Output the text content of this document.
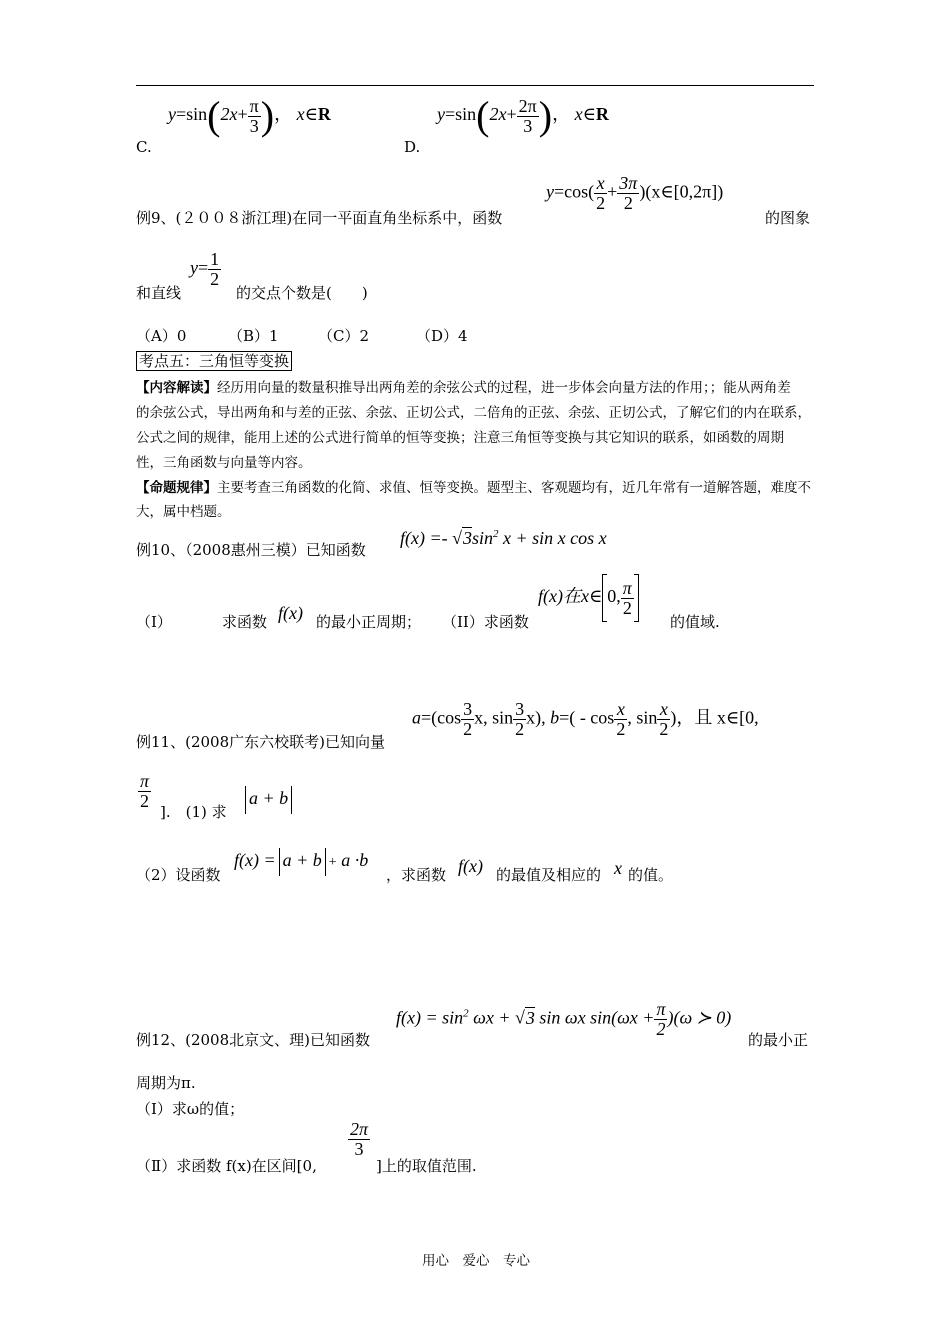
C.
$y=\sin(2x+ \frac{\pi}{3}$ )， x∈R
D.
$y=\sin(2x+ \frac{2\pi}{3}$ )， x∈R
例9、(２００８浙江理)在同一平面直角坐标系中，函数
$y=\cos( \frac{x}{2} + \frac{3\pi}{2}$ )(x∈[0,2π])
的图象
和直线
$y= \frac{1}{2}$
的交点个数是(　　)
（A）0	（B）1	（C）2	（D）4
考点五：三角恒等变换
【内容解读】经历用向量的数量积推导出两角差的余弦公式的过程，进一步体会向量方法的作用；；能从两角差
的余弦公式，导出两角和与差的正弦、余弦、正切公式，二倍角的正弦、余弦、正切公式，了解它们的内在联系，
公式之间的规律，能用上述的公式进行简单的恒等变换；注意三角恒等变换与其它知识的联系，如函数的周期
性，三角函数与向量等内容。
【命题规律】主要考查三角函数的化简、求值、恒等变换。题型主、客观题均有，近几年常有一道解答题，难度不
大，属中档题。
例10、（2008惠州三模）已知函数
$f(x) =- √3\sin^2$ x + sin x cos x
（I）	求函数 f(x) 的最小正周期； （II）求函数
f(x)在x∈ 0, $\frac{\pi}{2}$
的值域.
例11、(2008广东六校联考)已知向量
$a=(\cos \frac{3}{2} x$, $\sin \frac{3}{2} x$), $b=( - \cos \frac{x}{2}$ , $\sin \frac{x}{2}$ )，且 x∈[0,
$\frac{\pi}{2}$
].　(1) 求
a + b
（2）设函数
f(x) = a + b + a ·b
，求函数 f(x) 的最值及相应的 x 的值。
$f(x) = \sin^2 \omega x + √3$ sin ωx $\sin(\omega x + \frac{\pi}{2} )(\omega$ ≻ 0)
例12、(2008北京文、理)已知函数	的最小正
周期为π.
（Ⅰ）求ω的值；
（Ⅱ）求函数 f(x)在区间[0,
$\frac{2\pi}{3}$
]上的取值范围.
用心　爱心　专心
